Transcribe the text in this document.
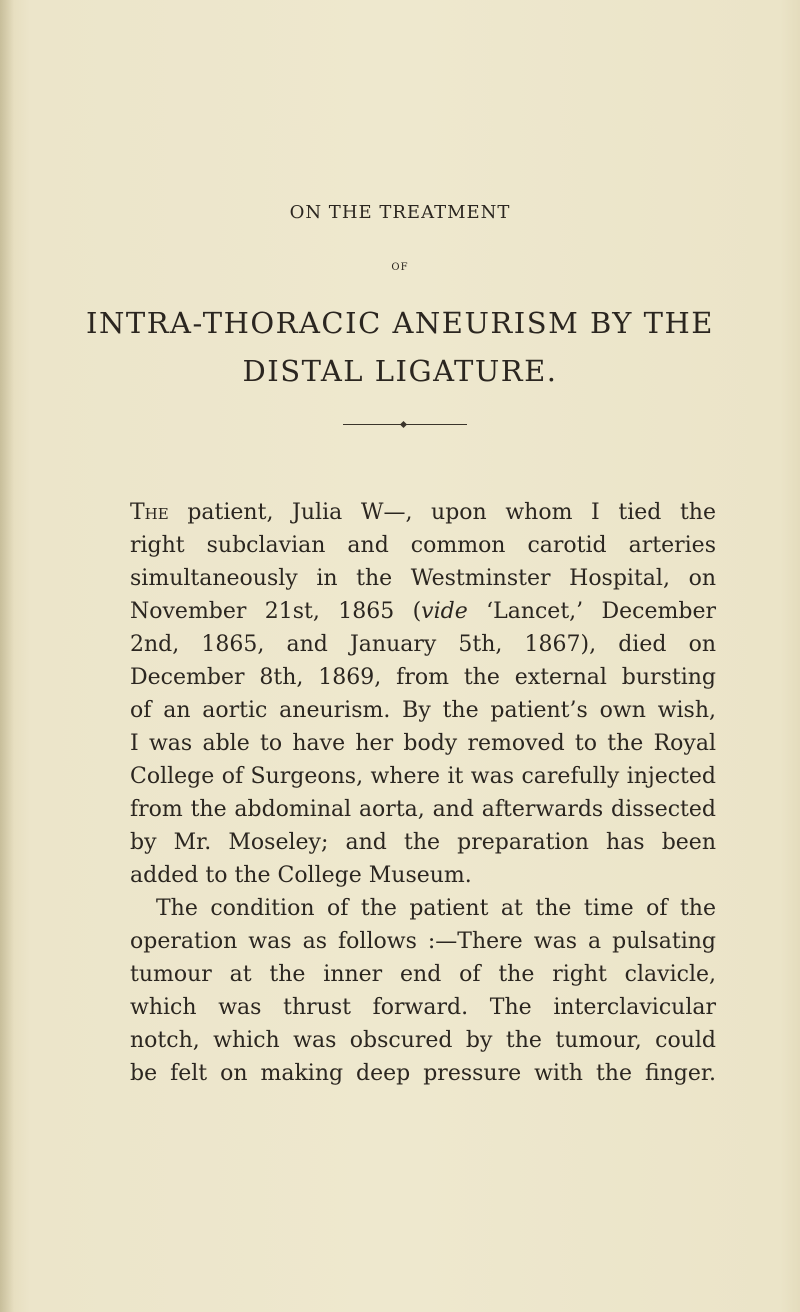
ON THE TREATMENT
OF
INTRA-THORACIC ANEURISM BY THE
DISTAL LIGATURE.
The patient, Julia W—, upon whom I tied the
right subclavian and common carotid arteries
simultaneously in the Westminster Hospital, on
November 21st, 1865 (vide ‘Lancet,’ December
2nd, 1865, and January 5th, 1867), died on
December 8th, 1869, from the external bursting
of an aortic aneurism. By the patient’s own wish,
I was able to have her body removed to the Royal
College of Surgeons, where it was carefully injected
from the abdominal aorta, and afterwards dissected
by Mr. Moseley; and the preparation has been
added to the College Museum.
The condition of the patient at the time of the
operation was as follows :—There was a pulsating
tumour at the inner end of the right clavicle,
which was thrust forward. The interclavicular
notch, which was obscured by the tumour, could
be felt on making deep pressure with the finger.
